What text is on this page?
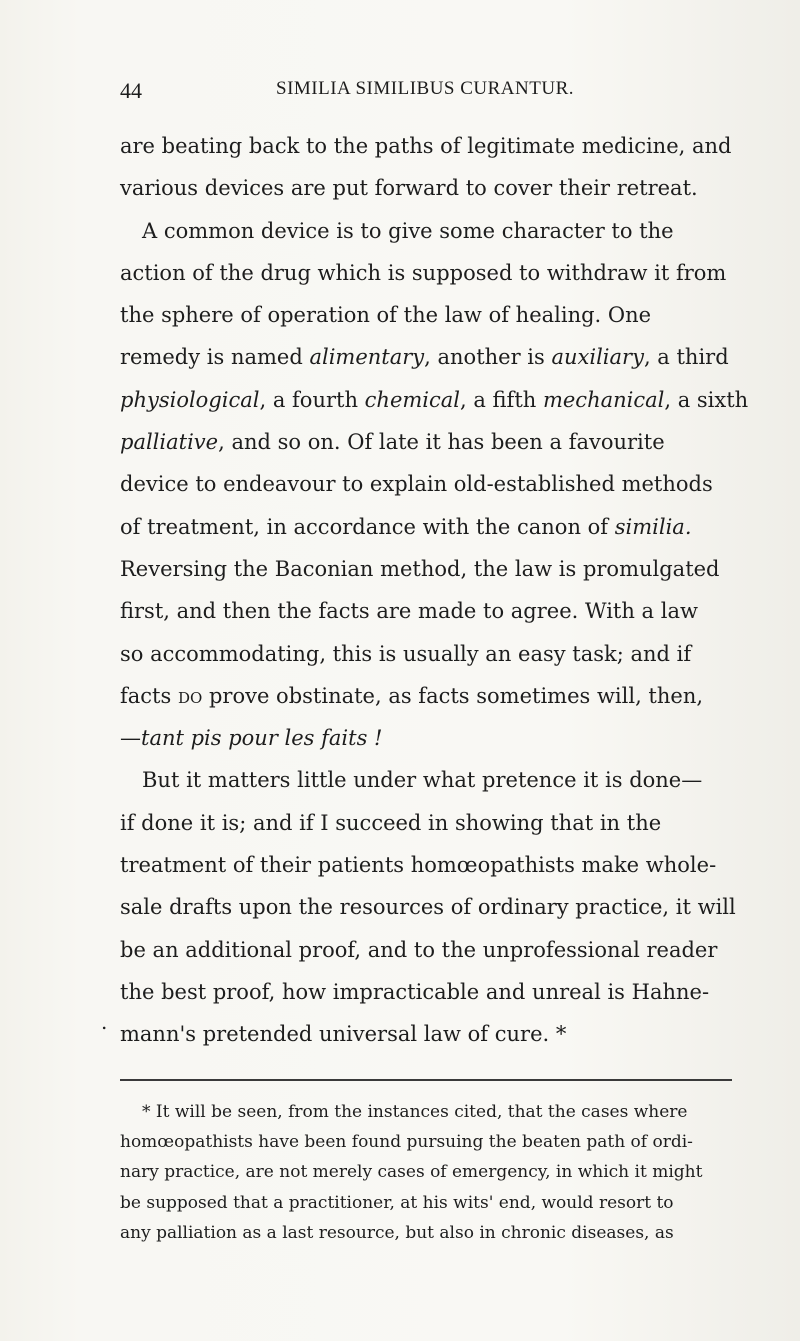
44	SIMILIA SIMILIBUS CURANTUR.
are beating back to the paths of legitimate medicine, and
various devices are put forward to cover their retreat.
A common device is to give some character to the
action of the drug which is supposed to withdraw it from
the sphere of operation of the law of healing. One
remedy is named alimentary, another is auxiliary, a third
physiological, a fourth chemical, a fifth mechanical, a sixth
palliative, and so on. Of late it has been a favourite
device to endeavour to explain old-established methods
of treatment, in accordance with the canon of similia.
Reversing the Baconian method, the law is promulgated
first, and then the facts are made to agree. With a law
so accommodating, this is usually an easy task; and if
facts do prove obstinate, as facts sometimes will, then,
—tant pis pour les faits !
But it matters little under what pretence it is done—
if done it is; and if I succeed in showing that in the
treatment of their patients homœopathists make whole-
sale drafts upon the resources of ordinary practice, it will
be an additional proof, and to the unprofessional reader
the best proof, how impracticable and unreal is Hahne-
mann's pretended universal law of cure. *
.
* It will be seen, from the instances cited, that the cases where
homœopathists have been found pursuing the beaten path of ordi-
nary practice, are not merely cases of emergency, in which it might
be supposed that a practitioner, at his wits' end, would resort to
any palliation as a last resource, but also in chronic diseases, as
